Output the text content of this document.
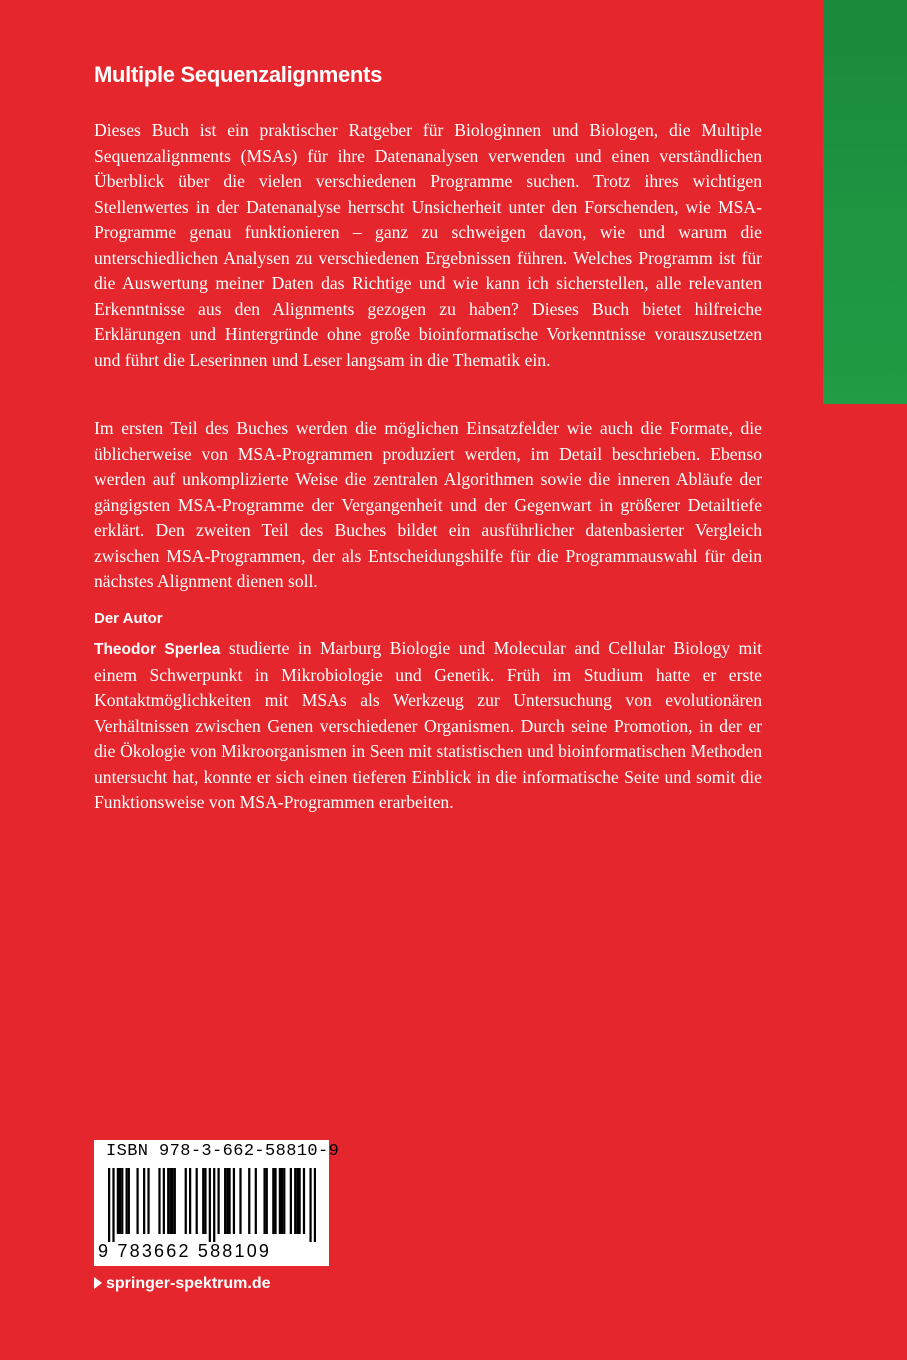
Multiple Sequenzalignments

Dieses Buch ist ein praktischer Ratgeber für Biologinnen und Biologen, die Multiple Sequenzalignments (MSAs) für ihre Datenanalysen verwenden und einen verständlichen Überblick über die vielen verschiedenen Programme suchen. Trotz ihres wichtigen Stellenwertes in der Datenanalyse herrscht Unsicherheit unter den Forschenden, wie MSA-Programme genau funktionieren – ganz zu schweigen davon, wie und warum die unterschiedlichen Analysen zu verschiedenen Ergebnissen führen. Welches Programm ist für die Auswertung meiner Daten das Richtige und wie kann ich sicherstellen, alle relevanten Erkenntnisse aus den Alignments gezogen zu haben? Dieses Buch bietet hilfreiche Erklärungen und Hintergründe ohne große bioinformatische Vorkenntnisse vorauszusetzen und führt die Leserinnen und Leser langsam in die Thematik ein.

Im ersten Teil des Buches werden die möglichen Einsatzfelder wie auch die Formate, die üblicherweise von MSA-Programmen produziert werden, im Detail beschrieben. Ebenso werden auf unkomplizierte Weise die zentralen Algorithmen sowie die inneren Abläufe der gängigsten MSA-Programme der Vergangenheit und der Gegenwart in größerer Detailtiefe erklärt. Den zweiten Teil des Buches bildet ein ausführlicher datenbasierter Vergleich zwischen MSA-Programmen, der als Entscheidungshilfe für die Programmauswahl für dein nächstes Alignment dienen soll.

Der Autor

Theodor Sperlea studierte in Marburg Biologie und Molecular and Cellular Biology mit einem Schwerpunkt in Mikrobiologie und Genetik. Früh im Studium hatte er erste Kontaktmöglichkeiten mit MSAs als Werkzeug zur Untersuchung von evolutionären Verhältnissen zwischen Genen verschiedener Organismen. Durch seine Promotion, in der er die Ökologie von Mikroorganismen in Seen mit statistischen und bioinformatischen Methoden untersucht hat, konnte er sich einen tieferen Einblick in die informatische Seite und somit die Funktionsweise von MSA-Programmen erarbeiten.

ISBN 978-3-662-58810-9

9 783662 588109

springer-spektrum.de
